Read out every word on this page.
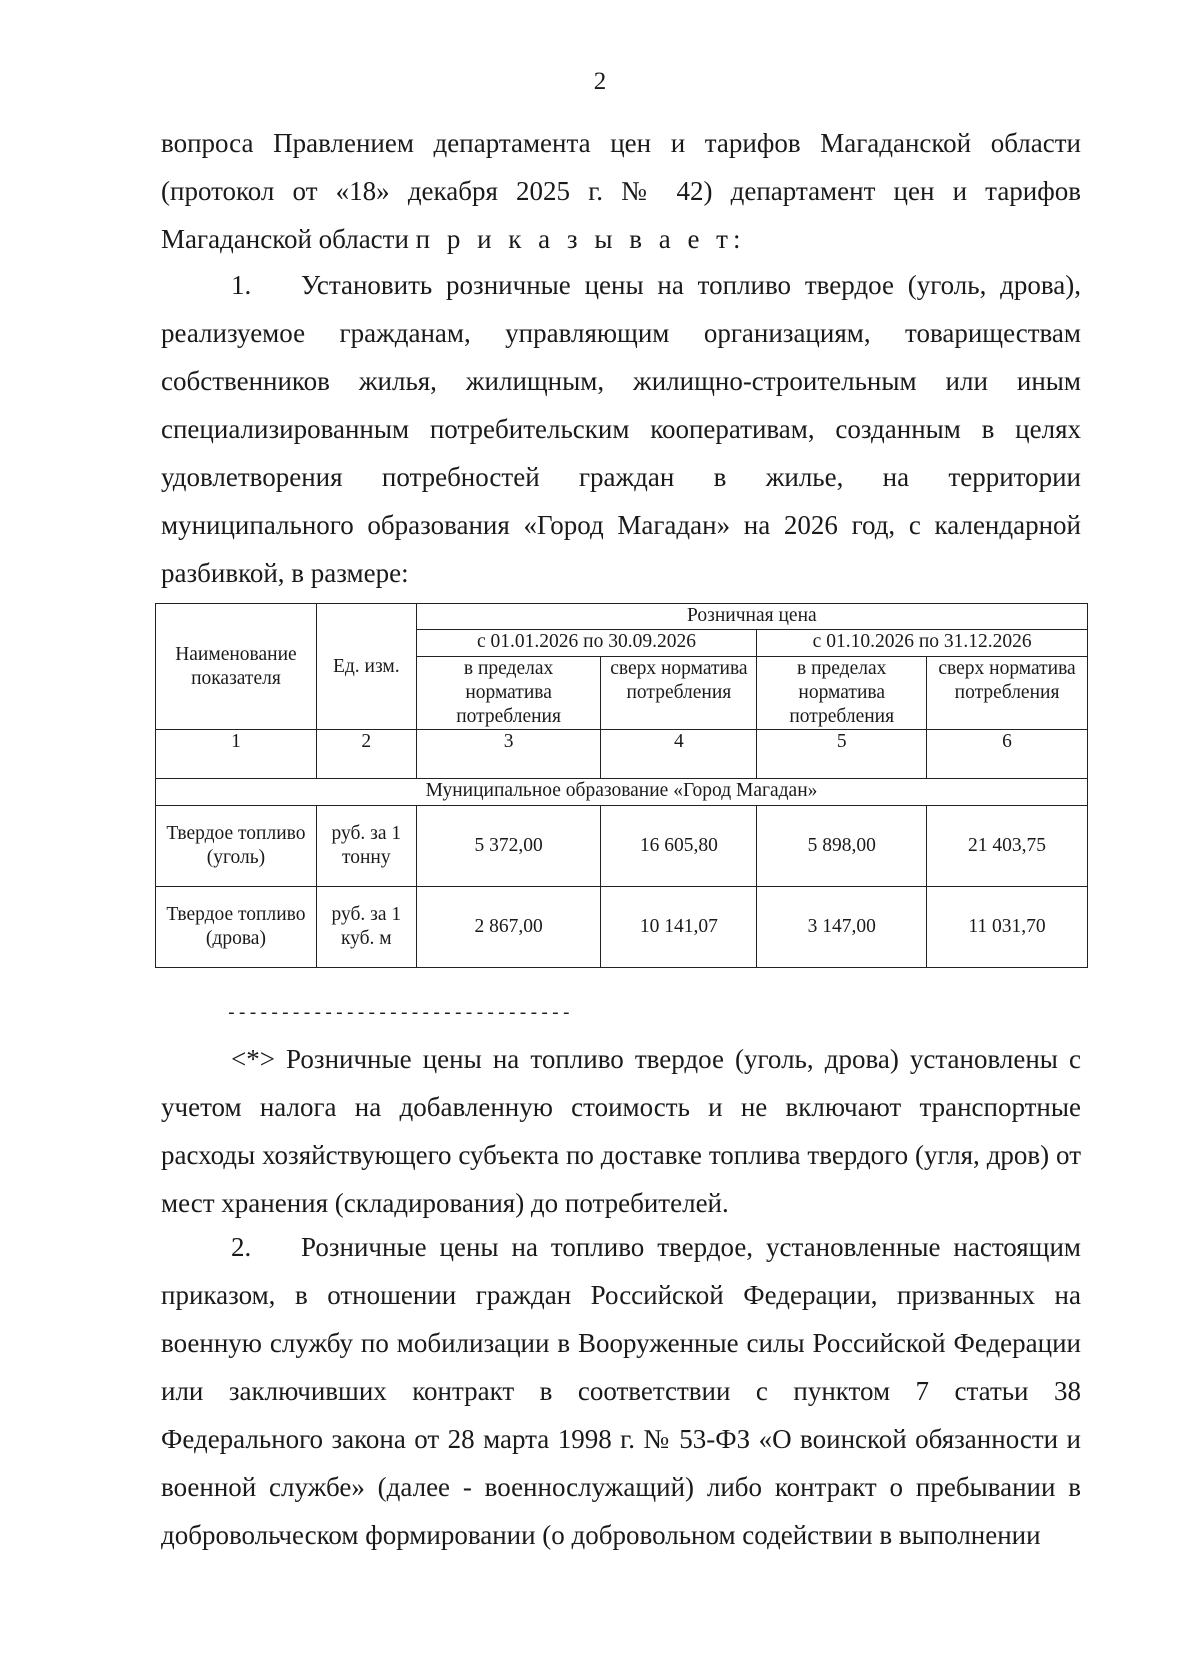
2
вопроса Правлением департамента цен и тарифов Магаданской области (протокол от «18» декабря 2025 г. № 42) департамент цен и тарифов Магаданской области п р и к а з ы в а е т:
1. Установить розничные цены на топливо твердое (уголь, дрова), реализуемое гражданам, управляющим организациям, товариществам собственников жилья, жилищным, жилищно-строительным или иным специализированным потребительским кооперативам, созданным в целях удовлетворения потребностей граждан в жилье, на территории муниципального образования «Город Магадан» на 2026 год, с календарной разбивкой, в размере:
Наименование показателя	Ед. изм.	Розничная цена			
		с 01.01.2026 по 30.09.2026		с 01.10.2026 по 31.12.2026	
		в пределах норматива потребления	сверх норматива потребления	в пределах норматива потребления	сверх норматива потребления
1	2	3	4	5	6
Муниципальное образование «Город Магадан»					
Твердое топливо (уголь)	руб. за 1 тонну	5 372,00	16 605,80	5 898,00	21 403,75
Твердое топливо (дрова)	руб. за 1 куб. м	2 867,00	10 141,07	3 147,00	11 031,70
--------------------------------
<*> Розничные цены на топливо твердое (уголь, дрова) установлены с учетом налога на добавленную стоимость и не включают транспортные расходы хозяйствующего субъекта по доставке топлива твердого (угля, дров) от мест хранения (складирования) до потребителей.
2. Розничные цены на топливо твердое, установленные настоящим приказом, в отношении граждан Российской Федерации, призванных на военную службу по мобилизации в Вооруженные силы Российской Федерации или заключивших контракт в соответствии с пунктом 7 статьи 38 Федерального закона от 28 марта 1998 г. № 53-ФЗ «О воинской обязанности и военной службе» (далее - военнослужащий) либо контракт о пребывании в добровольческом формировании (о добровольном содействии в выполнении
